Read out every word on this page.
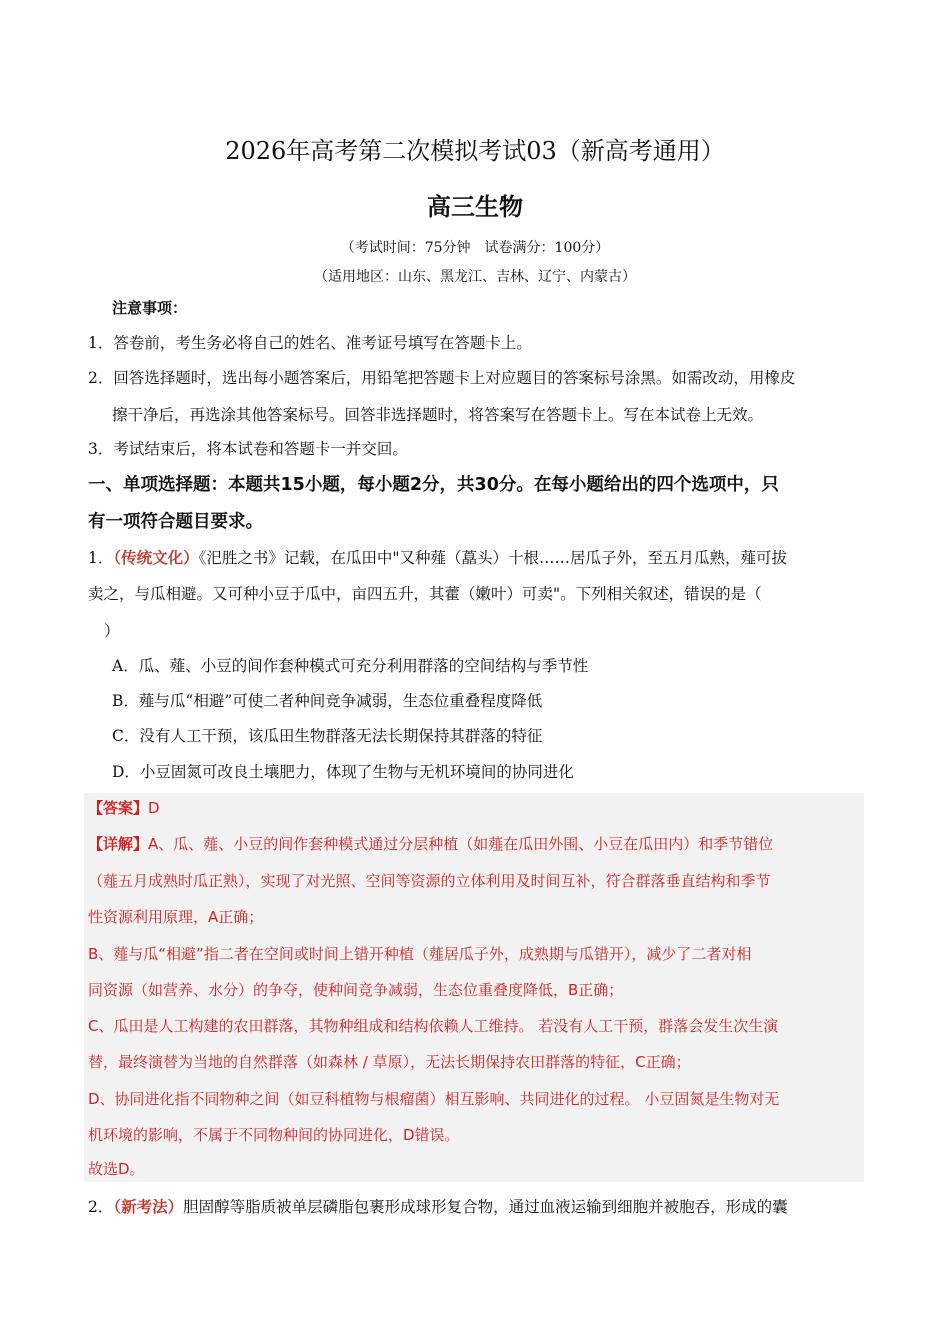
2026年高考第二次模拟考试03（新高考通用）
高三生物
（考试时间：75分钟　试卷满分：100分）
（适用地区：山东、黑龙江、吉林、辽宁、内蒙古）
注意事项：
1．答卷前，考生务必将自己的姓名、准考证号填写在答题卡上。
2．回答选择题时，选出每小题答案后，用铅笔把答题卡上对应题目的答案标号涂黑。如需改动，用橡皮
擦干净后，再选涂其他答案标号。回答非选择题时，将答案写在答题卡上。写在本试卷上无效。
3．考试结束后，将本试卷和答题卡一并交回。
一、单项选择题：本题共15小题，每小题2分，共30分。在每小题给出的四个选项中，只
有一项符合题目要求。
1．（传统文化）《汜胜之书》记载，在瓜田中"又种薤（藠头）十根……居瓜子外，至五月瓜熟，薤可拔
卖之，与瓜相避。又可种小豆于瓜中，亩四五升，其藿（嫩叶）可卖"。下列相关叙述，错误的是（
）
A．瓜、薤、小豆的间作套种模式可充分利用群落的空间结构与季节性
B．薤与瓜“相避”可使二者种间竞争减弱，生态位重叠程度降低
C．没有人工干预，该瓜田生物群落无法长期保持其群落的特征
D．小豆固氮可改良土壤肥力，体现了生物与无机环境间的协同进化
【答案】D
【详解】A、瓜、薤、小豆的间作套种模式通过分层种植（如薤在瓜田外围、小豆在瓜田内）和季节错位
（薤五月成熟时瓜正熟），实现了对光照、空间等资源的立体利用及时间互补，符合群落垂直结构和季节
性资源利用原理，A正确；
B、薤与瓜“相避”指二者在空间或时间上错开种植（薤居瓜子外，成熟期与瓜错开），减少了二者对相
同资源（如营养、水分）的争夺，使种间竞争减弱，生态位重叠度降低，B正确；
C、瓜田是人工构建的农田群落，其物种组成和结构依赖人工维持。 若没有人工干预，群落会发生次生演
替，最终演替为当地的自然群落（如森林 / 草原），无法长期保持农田群落的特征，C正确；
D、协同进化指不同物种之间（如豆科植物与根瘤菌）相互影响、共同进化的过程。 小豆固氮是生物对无
机环境的影响，不属于不同物种间的协同进化，D错误。
故选D。
2．（新考法）胆固醇等脂质被单层磷脂包裹形成球形复合物，通过血液运输到细胞并被胞吞，形成的囊
